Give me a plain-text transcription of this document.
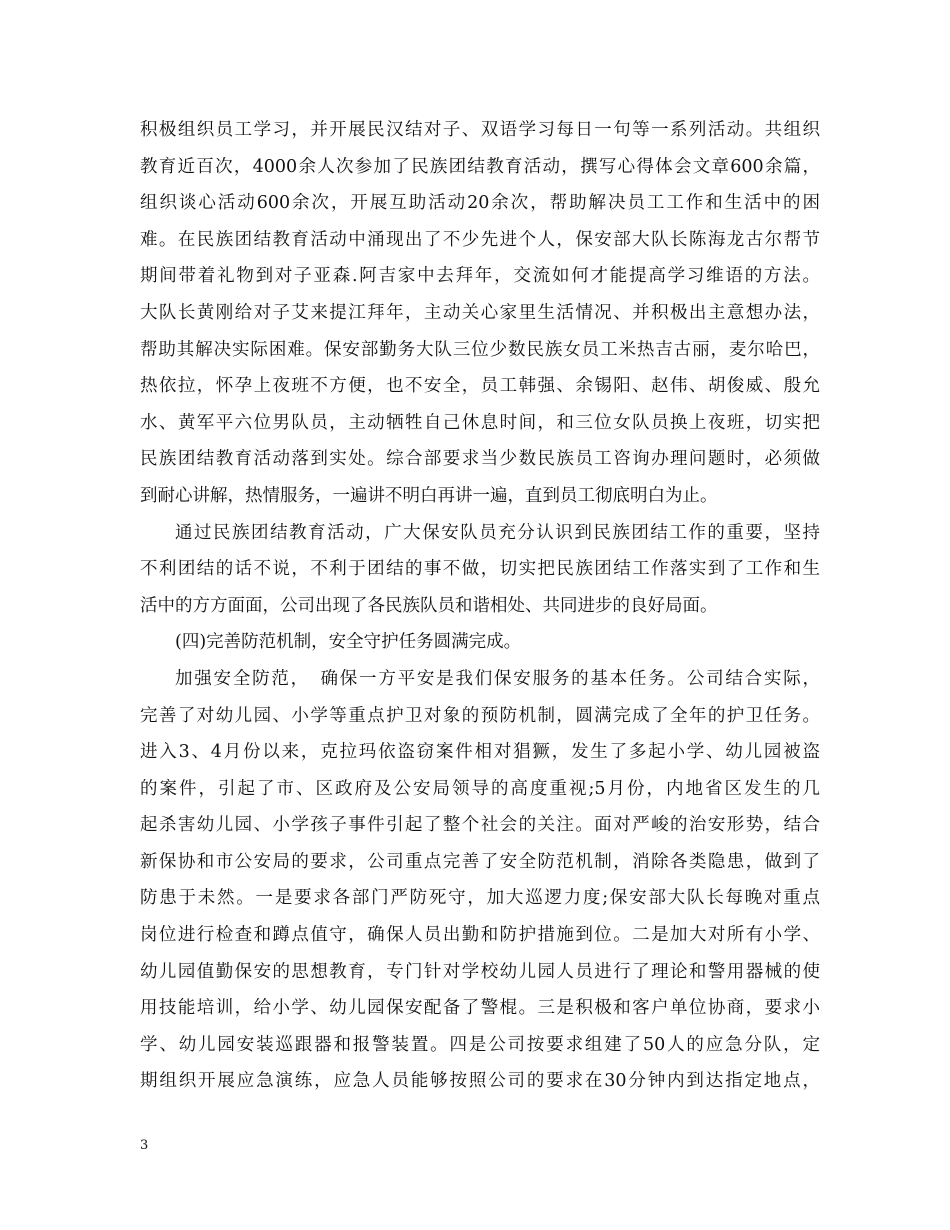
积极组织员工学习，并开展民汉结对子、双语学习每日一句等一系列活动。共组织
教育近百次，4000余人次参加了民族团结教育活动，撰写心得体会文章600余篇，
组织谈心活动600余次，开展互助活动20余次，帮助解决员工工作和生活中的困
难。在民族团结教育活动中涌现出了不少先进个人，保安部大队长陈海龙古尔帮节
期间带着礼物到对子亚森.阿吉家中去拜年，交流如何才能提高学习维语的方法。
大队长黄刚给对子艾来提江拜年，主动关心家里生活情况、并积极出主意想办法，
帮助其解决实际困难。保安部勤务大队三位少数民族女员工米热吉古丽，麦尔哈巴，
热依拉，怀孕上夜班不方便，也不安全，员工韩强、余锡阳、赵伟、胡俊威、殷允
水、黄军平六位男队员，主动牺牲自己休息时间，和三位女队员换上夜班，切实把
民族团结教育活动落到实处。综合部要求当少数民族员工咨询办理问题时，必须做
到耐心讲解，热情服务，一遍讲不明白再讲一遍，直到员工彻底明白为止。
通过民族团结教育活动，广大保安队员充分认识到民族团结工作的重要，坚持
不利团结的话不说，不利于团结的事不做，切实把民族团结工作落实到了工作和生
活中的方方面面，公司出现了各民族队员和谐相处、共同进步的良好局面。
(四)完善防范机制，安全守护任务圆满完成。
加强安全防范，　确保一方平安是我们保安服务的基本任务。公司结合实际，
完善了对幼儿园、小学等重点护卫对象的预防机制，圆满完成了全年的护卫任务。
进入3、4月份以来，克拉玛依盗窃案件相对猖獗，发生了多起小学、幼儿园被盗
的案件，引起了市、区政府及公安局领导的高度重视;5月份，内地省区发生的几
起杀害幼儿园、小学孩子事件引起了整个社会的关注。面对严峻的治安形势，结合
新保协和市公安局的要求，公司重点完善了安全防范机制，消除各类隐患，做到了
防患于未然。一是要求各部门严防死守，加大巡逻力度;保安部大队长每晚对重点
岗位进行检查和蹲点值守，确保人员出勤和防护措施到位。二是加大对所有小学、
幼儿园值勤保安的思想教育，专门针对学校幼儿园人员进行了理论和警用器械的使
用技能培训，给小学、幼儿园保安配备了警棍。三是积极和客户单位协商，要求小
学、幼儿园安装巡跟器和报警装置。四是公司按要求组建了50人的应急分队，定
期组织开展应急演练，应急人员能够按照公司的要求在30分钟内到达指定地点，
3
